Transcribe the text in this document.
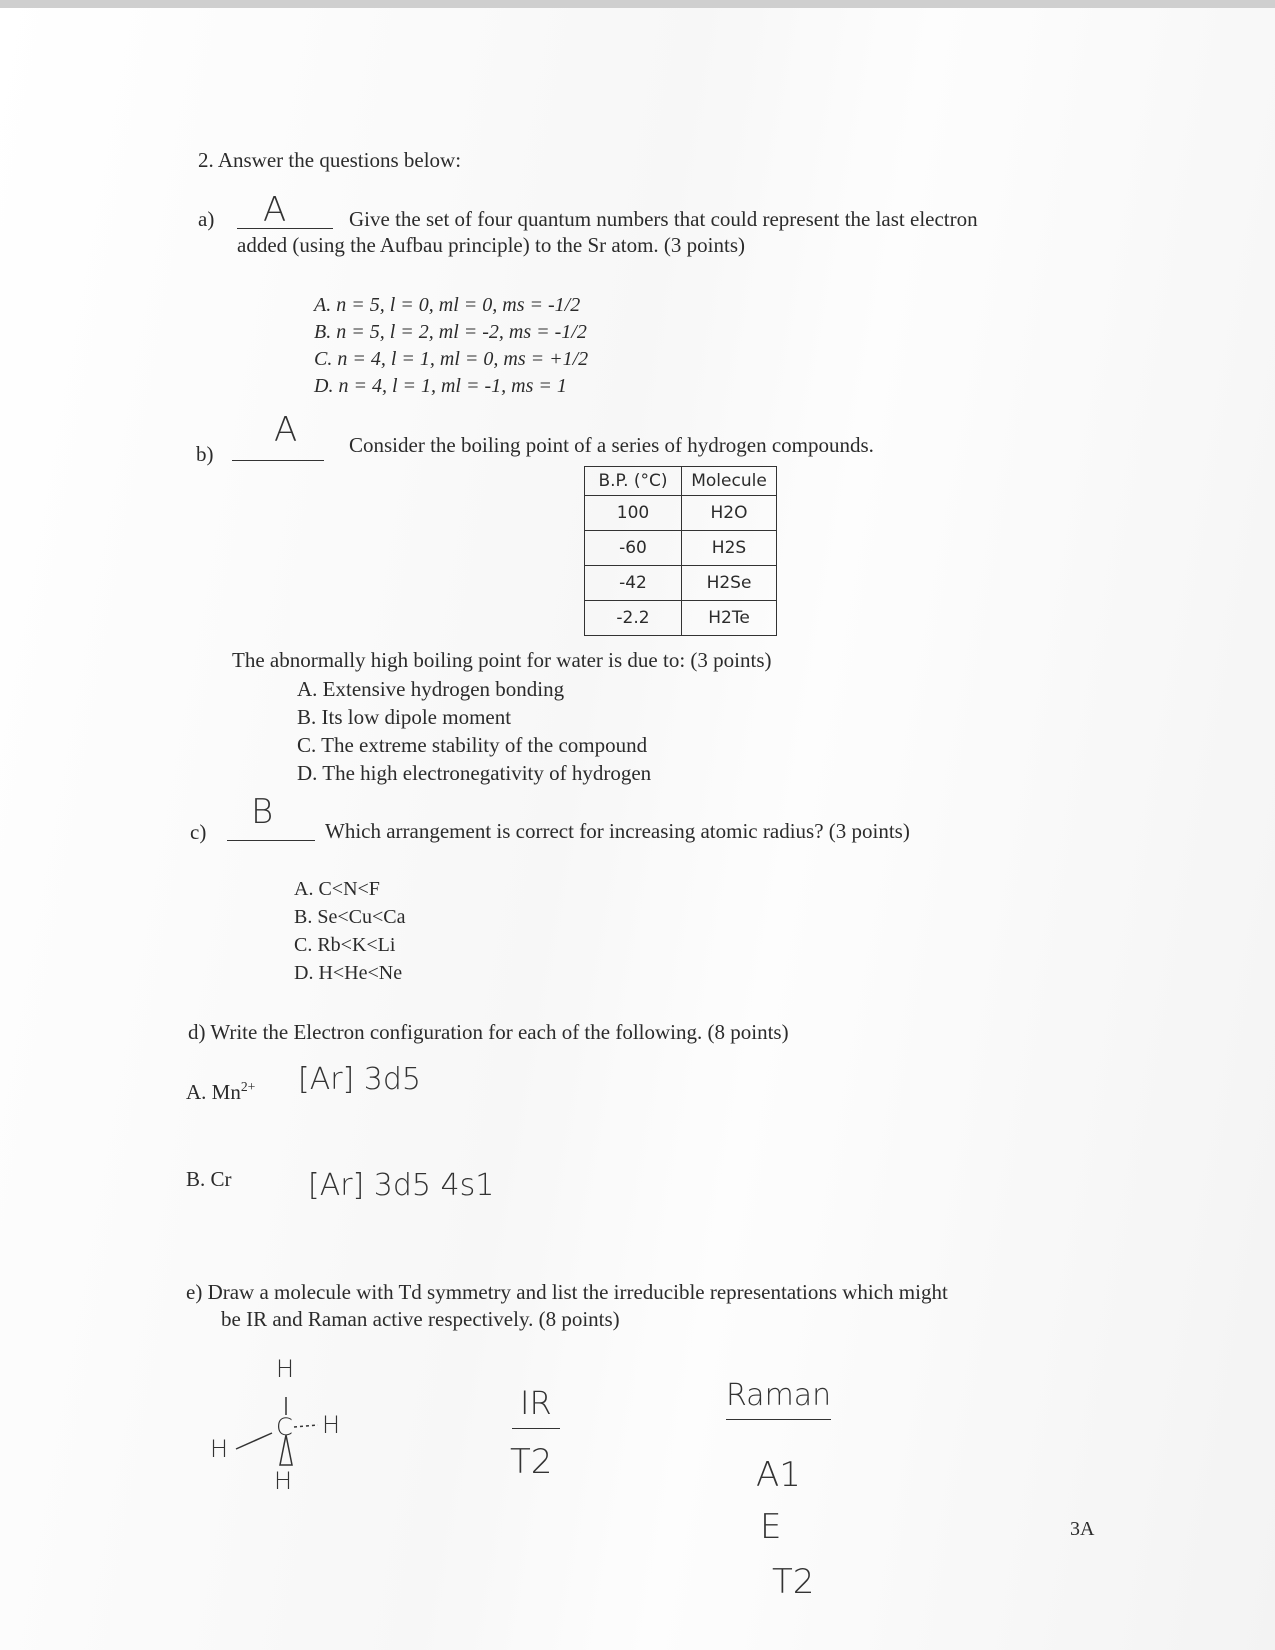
2. Answer the questions below:
a) A	Give the set of four quantum numbers that could represent the last electron
added (using the Aufbau principle) to the Sr atom. (3 points)
A. n = 5, l = 0, ml = 0, ms = -1/2
B. n = 5, l = 2, ml = -2, ms = -1/2
C. n = 4, l = 1, ml = 0, ms = +1/2
D. n = 4, l = 1, ml = -1, ms = 1
b)
A Consider the boiling point of a series of hydrogen compounds.
B.P. (°C)	Molecule
100	H2O
-60	H2S
-42	H2Se
-2.2	H2Te
The abnormally high boiling point for water is due to: (3 points)
A. Extensive hydrogen bonding
B. Its low dipole moment
C. The extreme stability of the compound
D. The high electronegativity of hydrogen
c) B Which arrangement is correct for increasing atomic radius? (3 points)
A. C<N<F
B. Se<Cu<Ca
C. Rb<K<Li
D. H<He<Ne
d) Write the Electron configuration for each of the following. (8 points)
A. $Mn^{2+}$ [Ar] 3d5
B. Cr	[Ar] 3d5 4s1
e) Draw a molecule with Td symmetry and list the irreducible representations which might
be IR and Raman active respectively. (8 points)
H
C
H
H
H
IR
T2
Raman
A1
E
T2
3A
